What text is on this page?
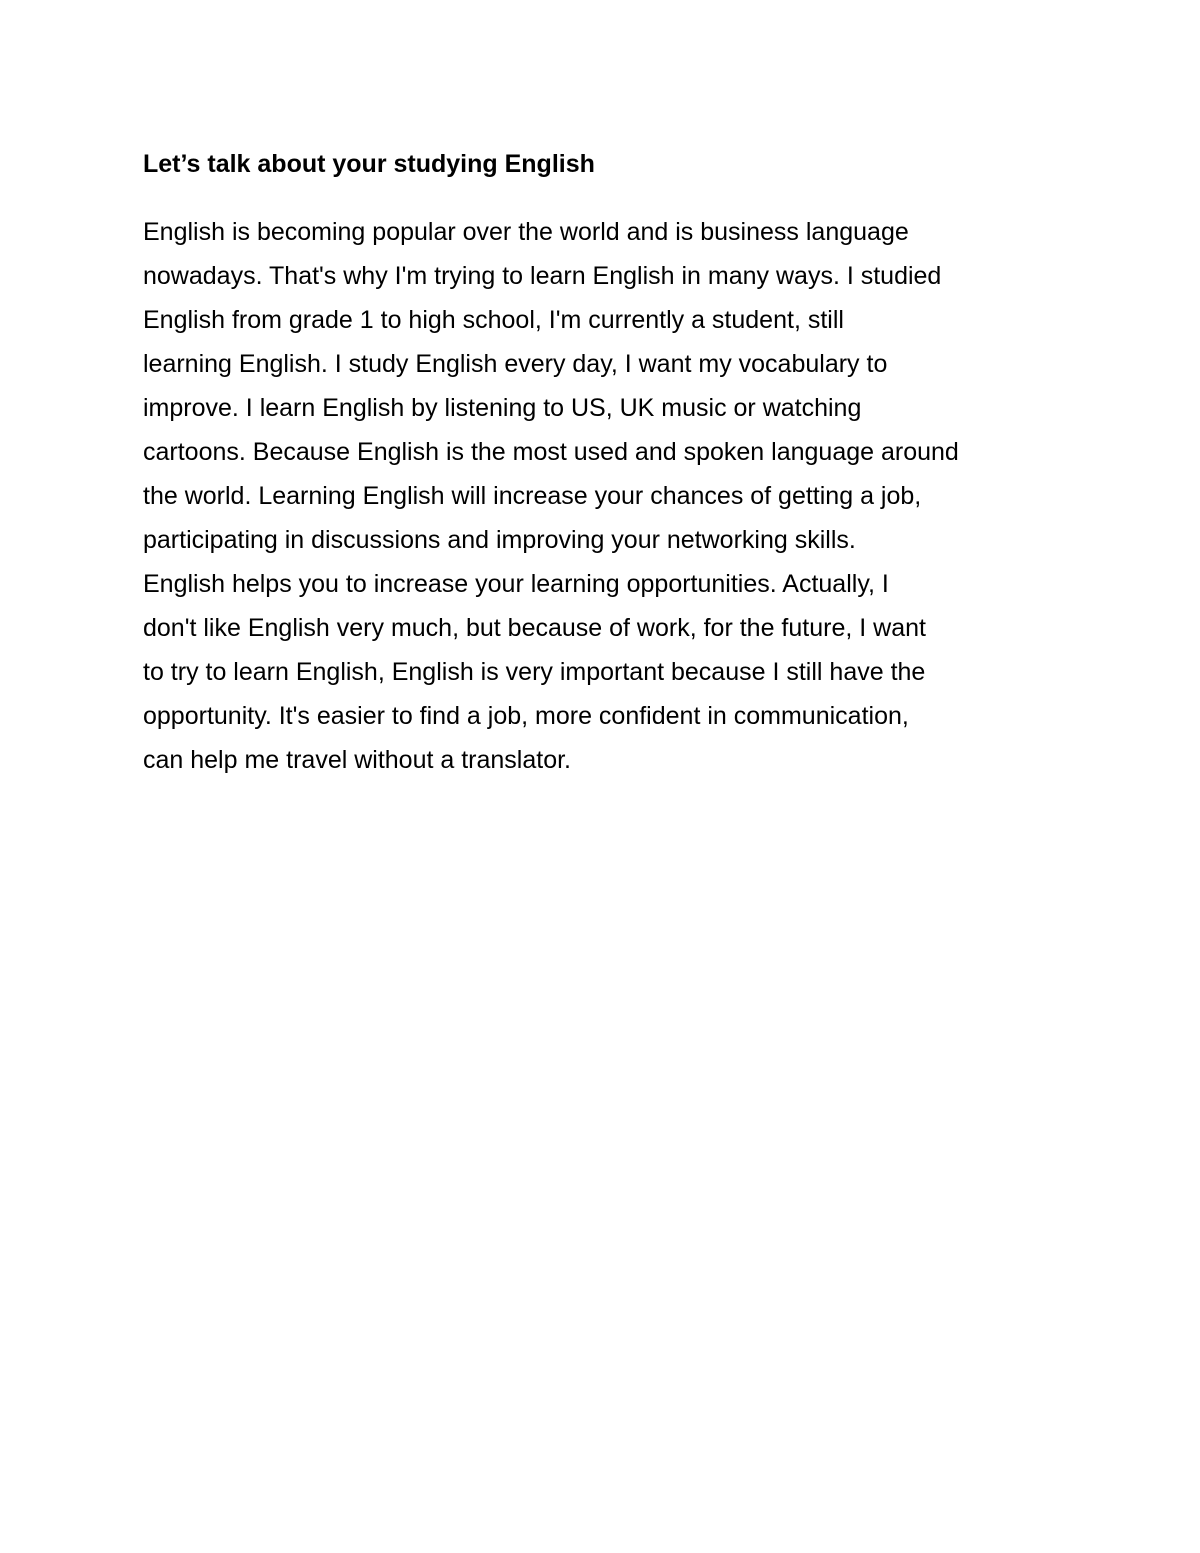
Let’s talk about your studying English
English is becoming popular over the world and is business language
nowadays. That's why I'm trying to learn English in many ways. I studied
English from grade 1 to high school, I'm currently a student, still
learning English. I study English every day, I want my vocabulary to
improve. I learn English by listening to US, UK music or watching
cartoons. Because English is the most used and spoken language around
the world. Learning English will increase your chances of getting a job,
participating in discussions and improving your networking skills.
English helps you to increase your learning opportunities. Actually, I
don't like English very much, but because of work, for the future, I want
to try to learn English, English is very important because I still have the
opportunity. It's easier to find a job, more confident in communication,
can help me travel without a translator.
